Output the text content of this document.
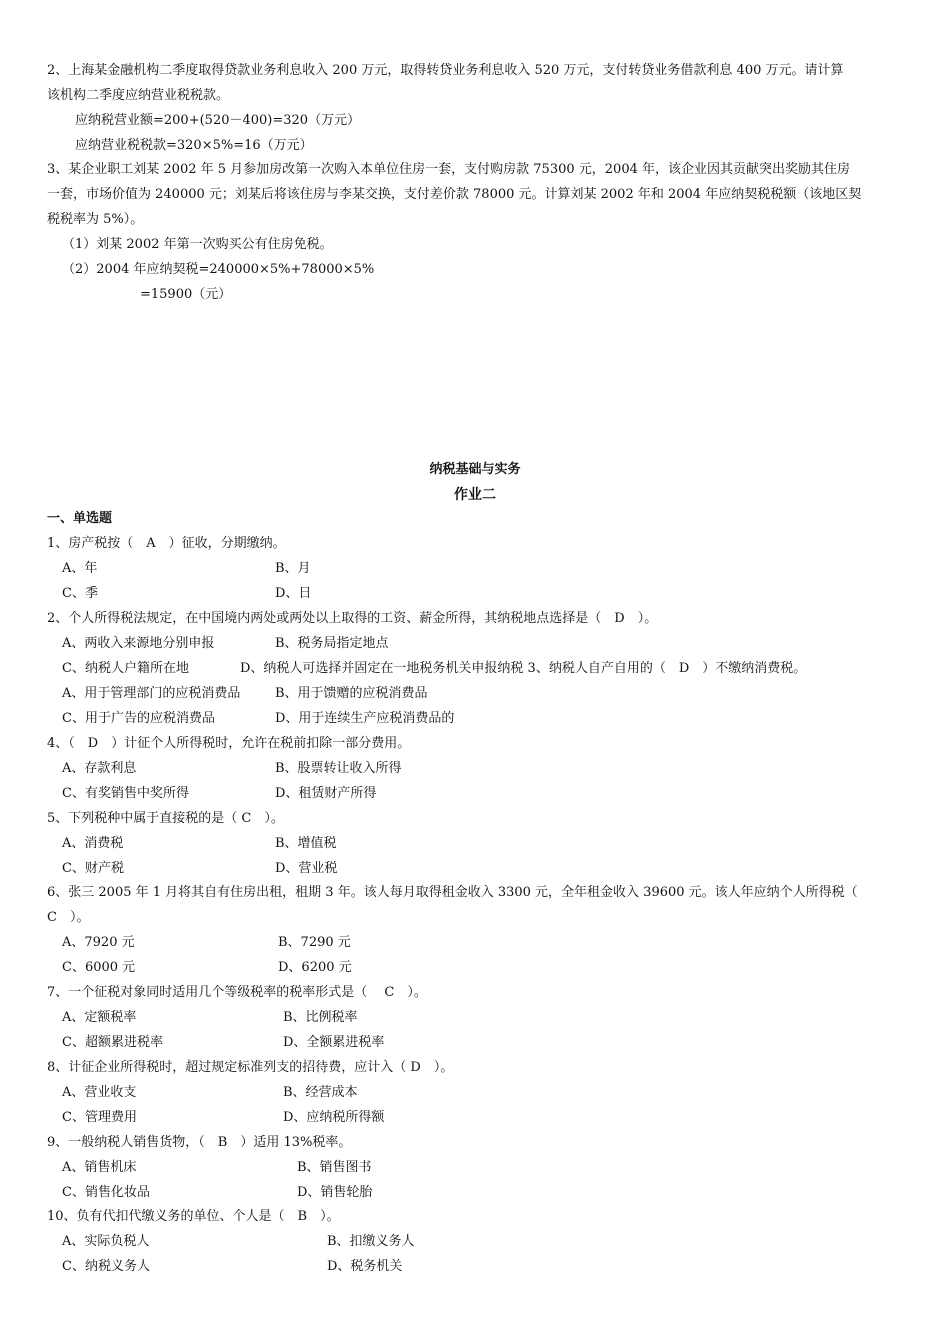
2、上海某金融机构二季度取得贷款业务利息收入 200 万元，取得转贷业务利息收入 520 万元，支付转贷业务借款利息 400 万元。请计算
该机构二季度应纳营业税税款。
应纳税营业额=200+(520－400)=320（万元）
应纳营业税税款=320×5%=16（万元）
3、某企业职工刘某 2002 年 5 月参加房改第一次购入本单位住房一套，支付购房款 75300 元，2004 年，该企业因其贡献突出奖励其住房
一套，市场价值为 240000 元；刘某后将该住房与李某交换，支付差价款 78000 元。计算刘某 2002 年和 2004 年应纳契税税额（该地区契
税税率为 5%）。
（1）刘某 2002 年第一次购买公有住房免税。
（2）2004 年应纳契税=240000×5%+78000×5%
=15900（元）
纳税基础与实务
作业二
一、单选题
1、房产税按（　A　）征收，分期缴纳。
A、年	B、月
C、季	D、日
2、个人所得税法规定，在中国境内两处或两处以上取得的工资、薪金所得，其纳税地点选择是（　D　）。
A、两收入来源地分别申报	B、税务局指定地点
C、纳税人户籍所在地	D、纳税人可选择并固定在一地税务机关申报纳税 3、纳税人自产自用的（　D　）不缴纳消费税。
A、用于管理部门的应税消费品	B、用于馈赠的应税消费品
C、用于广告的应税消费品	D、用于连续生产应税消费品的
4、（　D　）计征个人所得税时，允许在税前扣除一部分费用。
A、存款利息	B、股票转让收入所得
C、有奖销售中奖所得	D、租赁财产所得
5、下列税种中属于直接税的是（ C　）。
A、消费税	B、增值税
C、财产税	D、营业税
6、张三 2005 年 1 月将其自有住房出租，租期 3 年。该人每月取得租金收入 3300 元，全年租金收入 39600 元。该人年应纳个人所得税（
C　）。
A、7920 元	B、7290 元
C、6000 元	D、6200 元
7、一个征税对象同时适用几个等级税率的税率形式是（　 C　）。
A、定额税率	B、比例税率
C、超额累进税率	D、全额累进税率
8、计征企业所得税时，超过规定标准列支的招待费，应计入（ D　）。
A、营业收支	B、经营成本
C、管理费用	D、应纳税所得额
9、一般纳税人销售货物，（　B　）适用 13%税率。
A、销售机床	B、销售图书
C、销售化妆品	D、销售轮胎
10、负有代扣代缴义务的单位、个人是（　B　）。
A、实际负税人	B、扣缴义务人
C、纳税义务人	D、税务机关
